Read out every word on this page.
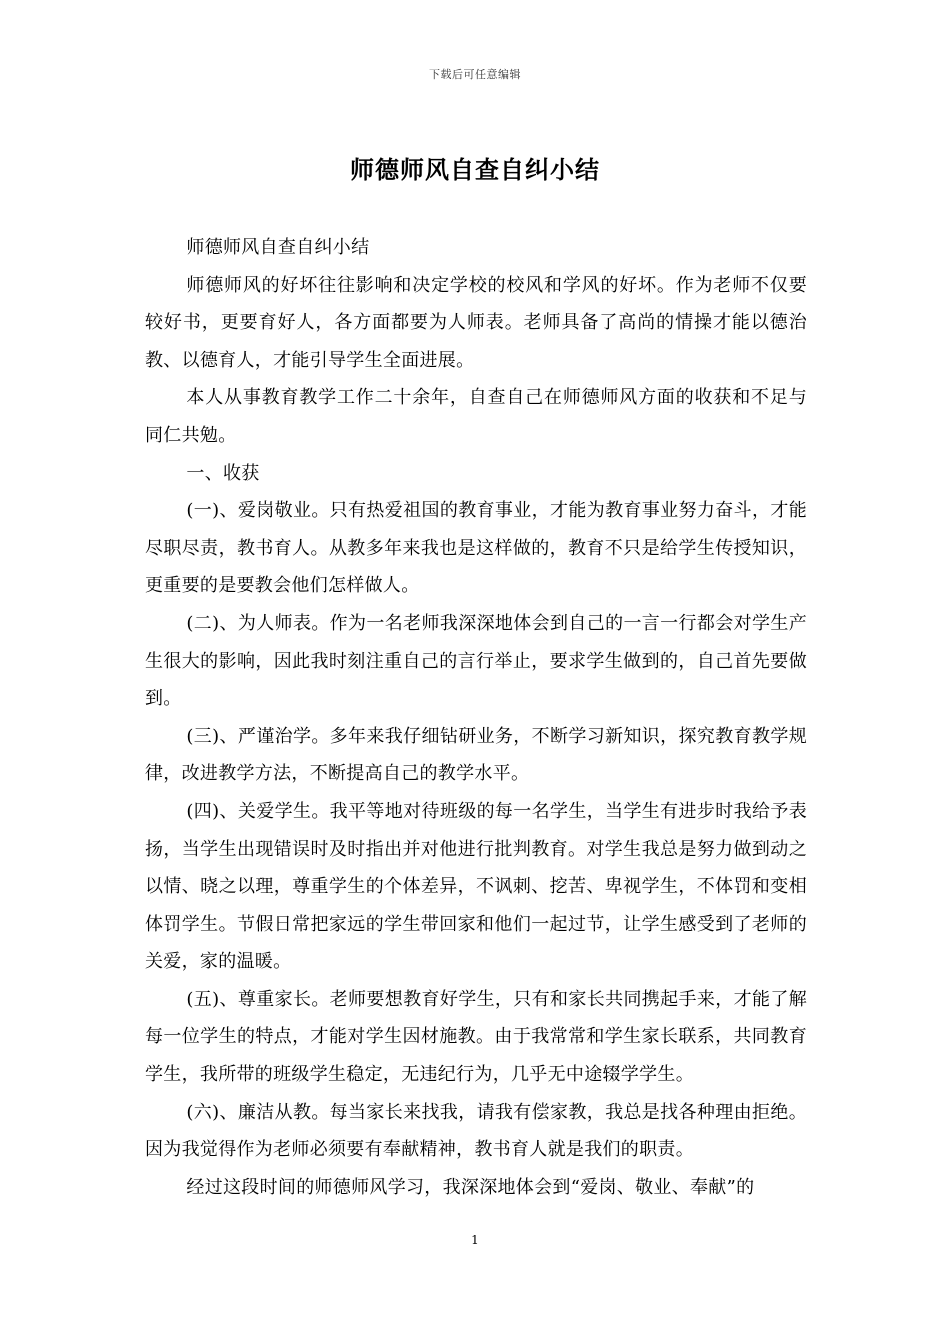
下载后可任意编辑
师德师风自查自纠小结

师德师风自查自纠小结

师德师风的好坏往往影响和决定学校的校风和学风的好坏。作为老师不仅要较好书，更要育好人，各方面都要为人师表。老师具备了高尚的情操才能以德治教、以德育人，才能引导学生全面进展。

本人从事教育教学工作二十余年，自查自己在师德师风方面的收获和不足与同仁共勉。

一、收获

(一)、爱岗敬业。只有热爱祖国的教育事业，才能为教育事业努力奋斗，才能尽职尽责，教书育人。从教多年来我也是这样做的，教育不只是给学生传授知识，更重要的是要教会他们怎样做人。

(二)、为人师表。作为一名老师我深深地体会到自己的一言一行都会对学生产生很大的影响，因此我时刻注重自己的言行举止，要求学生做到的，自己首先要做到。

(三)、严谨治学。多年来我仔细钻研业务，不断学习新知识，探究教育教学规律，改进教学方法，不断提高自己的教学水平。

(四)、关爱学生。我平等地对待班级的每一名学生，当学生有进步时我给予表扬，当学生出现错误时及时指出并对他进行批判教育。对学生我总是努力做到动之以情、晓之以理，尊重学生的个体差异，不讽刺、挖苦、卑视学生，不体罚和变相体罚学生。节假日常把家远的学生带回家和他们一起过节，让学生感受到了老师的关爱，家的温暖。

(五)、尊重家长。老师要想教育好学生，只有和家长共同携起手来，才能了解每一位学生的特点，才能对学生因材施教。由于我常常和学生家长联系，共同教育学生，我所带的班级学生稳定，无违纪行为，几乎无中途辍学学生。

(六)、廉洁从教。每当家长来找我，请我有偿家教，我总是找各种理由拒绝。因为我觉得作为老师必须要有奉献精神，教书育人就是我们的职责。

经过这段时间的师德师风学习，我深深地体会到“爱岗、敬业、奉献”的

1
